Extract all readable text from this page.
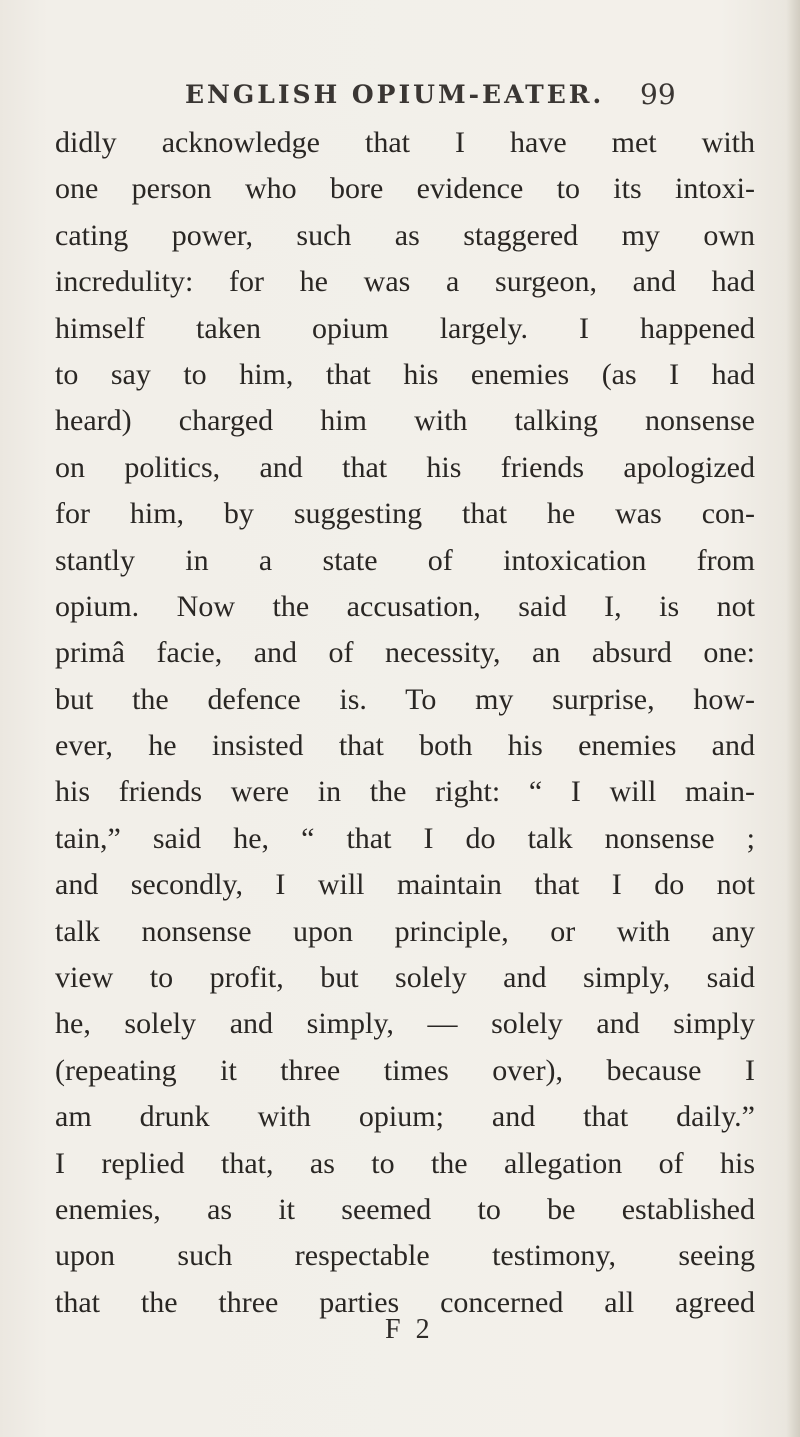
ENGLISH OPIUM-EATER.	99
didly acknowledge that I have met with
one person who bore evidence to its intoxi-
cating power, such as staggered my own
incredulity: for he was a surgeon, and had
himself taken opium largely. I happened
to say to him, that his enemies (as I had
heard) charged him with talking nonsense
on politics, and that his friends apologized
for him, by suggesting that he was con-
stantly in a state of intoxication from
opium. Now the accusation, said I, is not
primâ facie, and of necessity, an absurd one:
but the defence is. To my surprise, how-
ever, he insisted that both his enemies and
his friends were in the right: “ I will main-
tain,” said he, “ that I do talk nonsense ;
and secondly, I will maintain that I do not
talk nonsense upon principle, or with any
view to profit, but solely and simply, said
he, solely and simply, — solely and simply
(repeating it three times over), because I
am drunk with opium; and that daily.”
I replied that, as to the allegation of his
enemies, as it seemed to be established
upon such respectable testimony, seeing
that the three parties concerned all agreed
F 2
